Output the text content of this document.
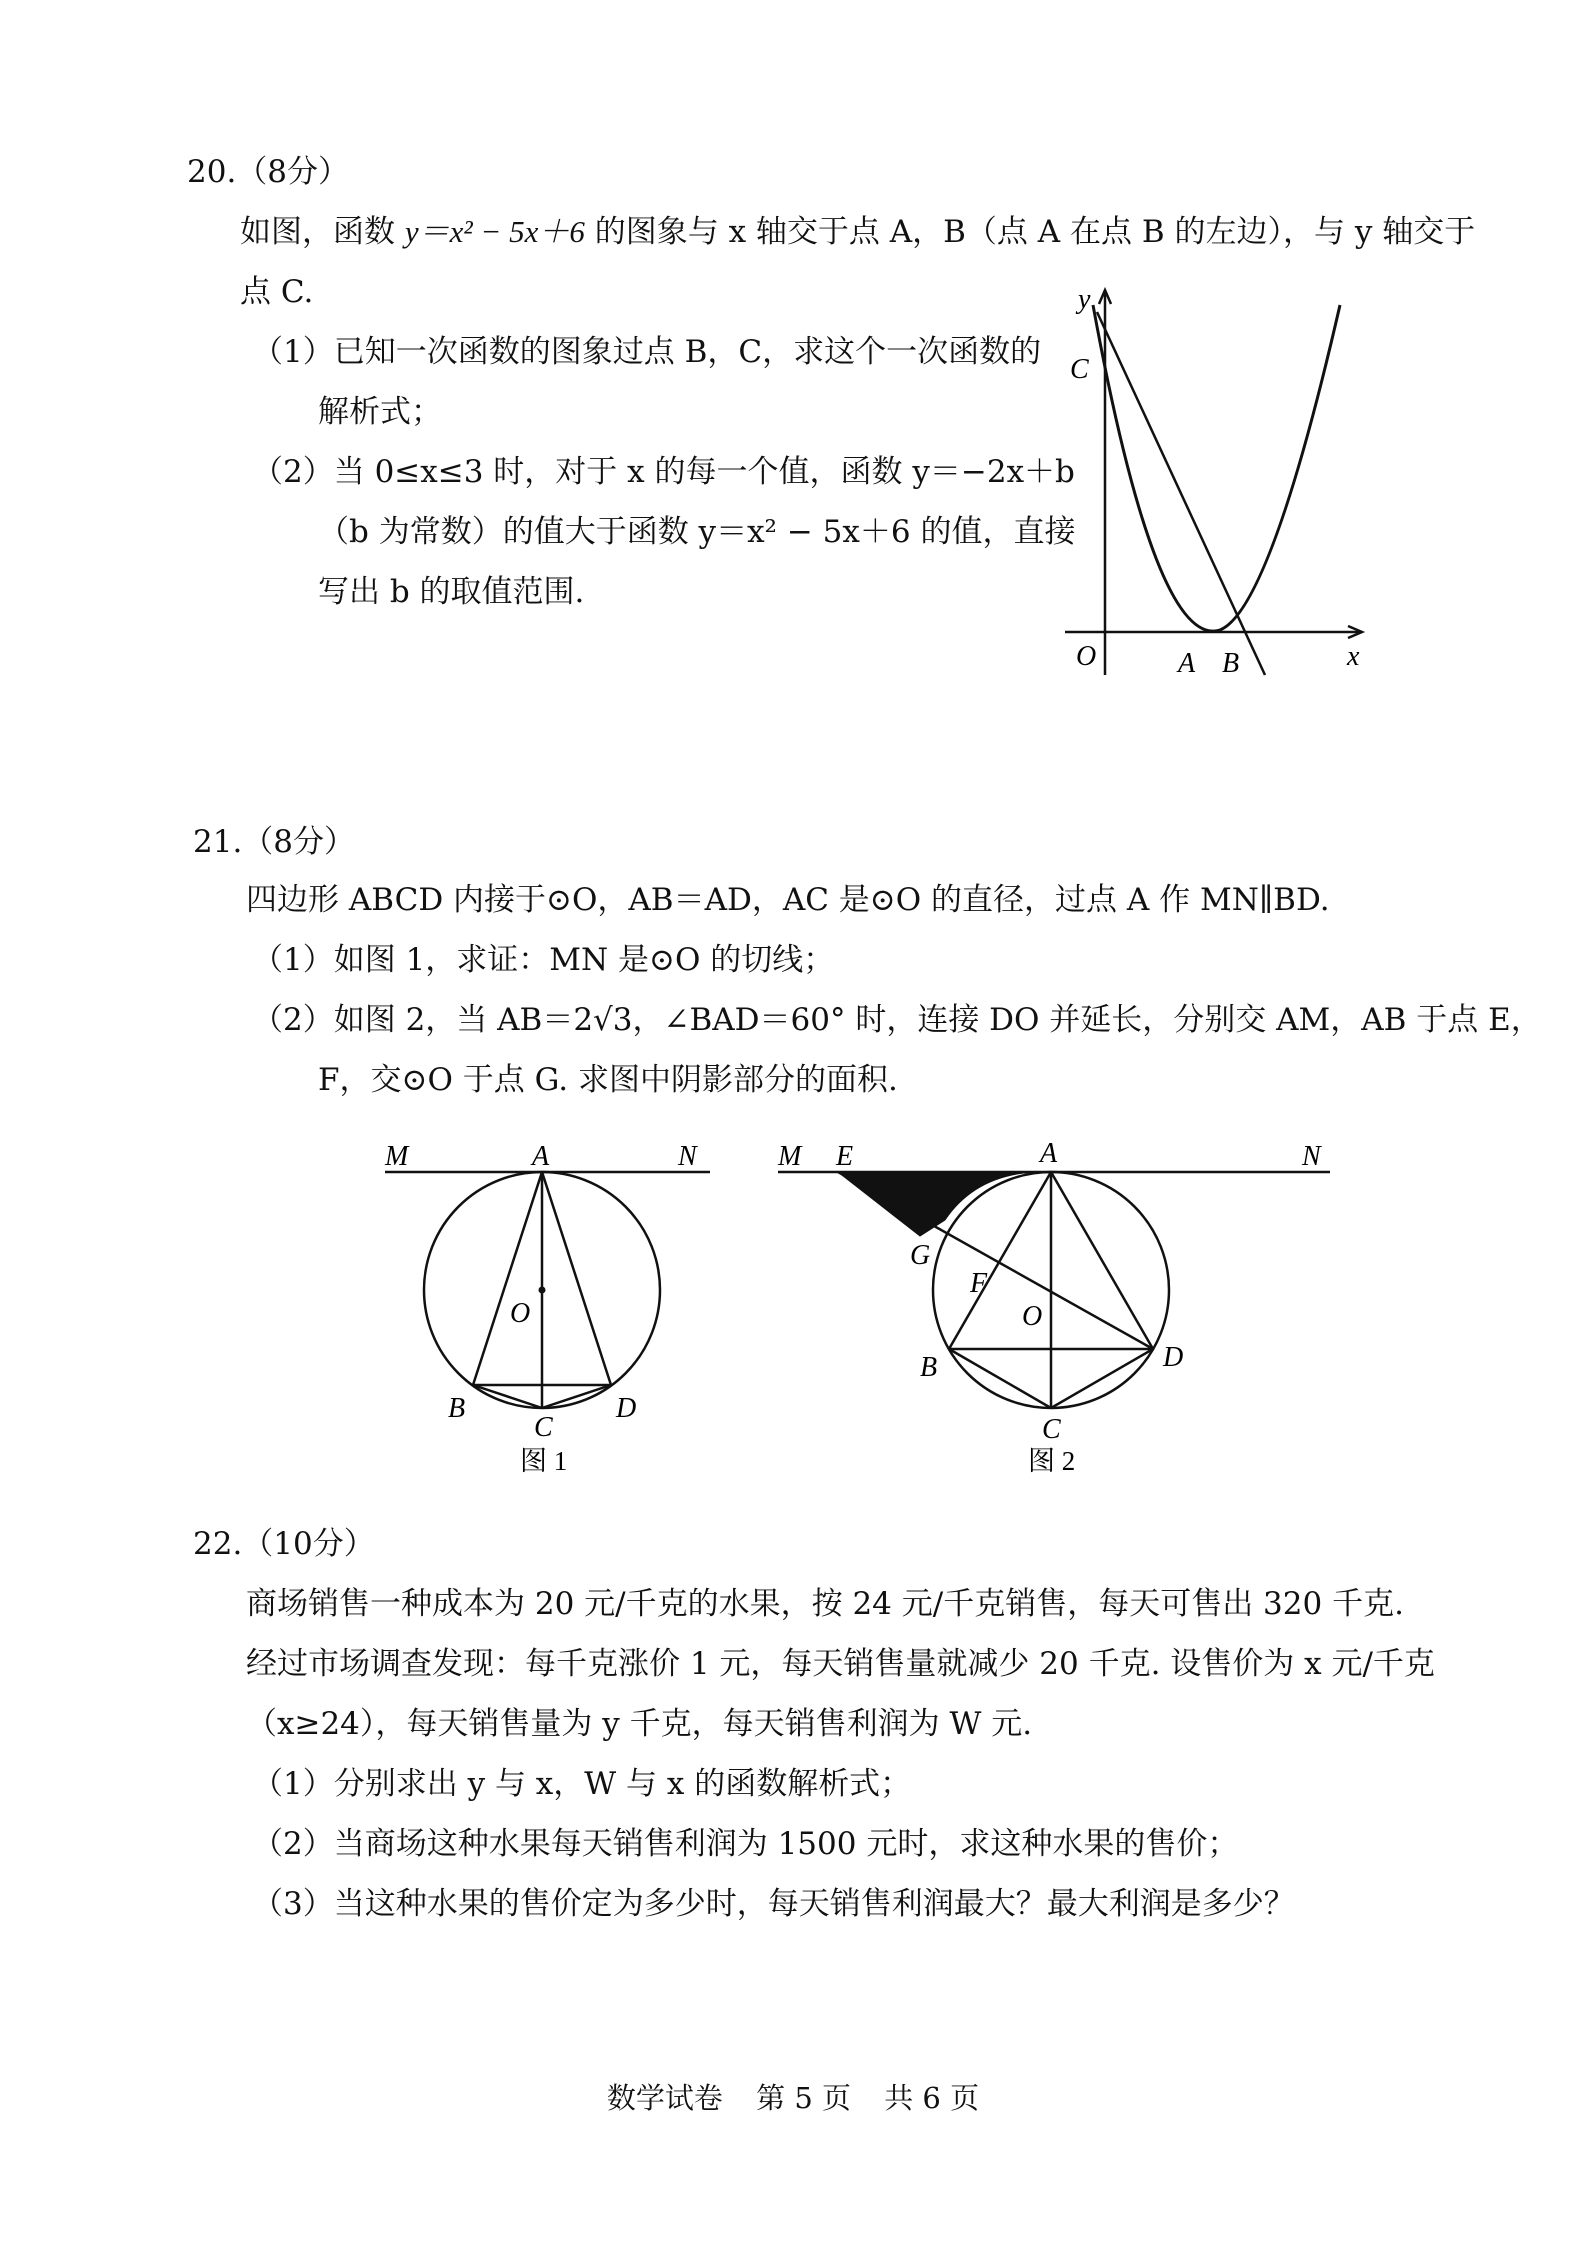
20.（8分）
如图，函数 y＝x² − 5x＋6 的图象与 x 轴交于点 A，B（点 A 在点 B 的左边），与 y 轴交于
点 C.
（1）已知一次函数的图象过点 B，C，求这个一次函数的
解析式；
（2）当 0≤x≤3 时，对于 x 的每一个值，函数 y＝−2x＋b
（b 为常数）的值大于函数 y＝x² − 5x＋6 的值，直接
写出 b 的取值范围.
y
C
O	A B	x
21.（8分）
四边形 ABCD 内接于⊙O，AB＝AD，AC 是⊙O 的直径，过点 A 作 MN∥BD.
（1）如图 1，求证：MN 是⊙O 的切线；
（2）如图 2，当 AB＝2√3，∠BAD＝60° 时，连接 DO 并延长，分别交 AM，AB 于点 E，
F，交⊙O 于点 G. 求图中阴影部分的面积.
M	A	N
O
B
C
D
图 1
M E	A	N
G
F
O
B	D
C
图 2
22.（10分）
商场销售一种成本为 20 元/千克的水果，按 24 元/千克销售，每天可售出 320 千克.
经过市场调查发现：每千克涨价 1 元，每天销售量就减少 20 千克. 设售价为 x 元/千克
（x≥24），每天销售量为 y 千克，每天销售利润为 W 元.
（1）分别求出 y 与 x，W 与 x 的函数解析式；
（2）当商场这种水果每天销售利润为 1500 元时，求这种水果的售价；
（3）当这种水果的售价定为多少时，每天销售利润最大？最大利润是多少？
数学试卷 第 5 页 共 6 页
